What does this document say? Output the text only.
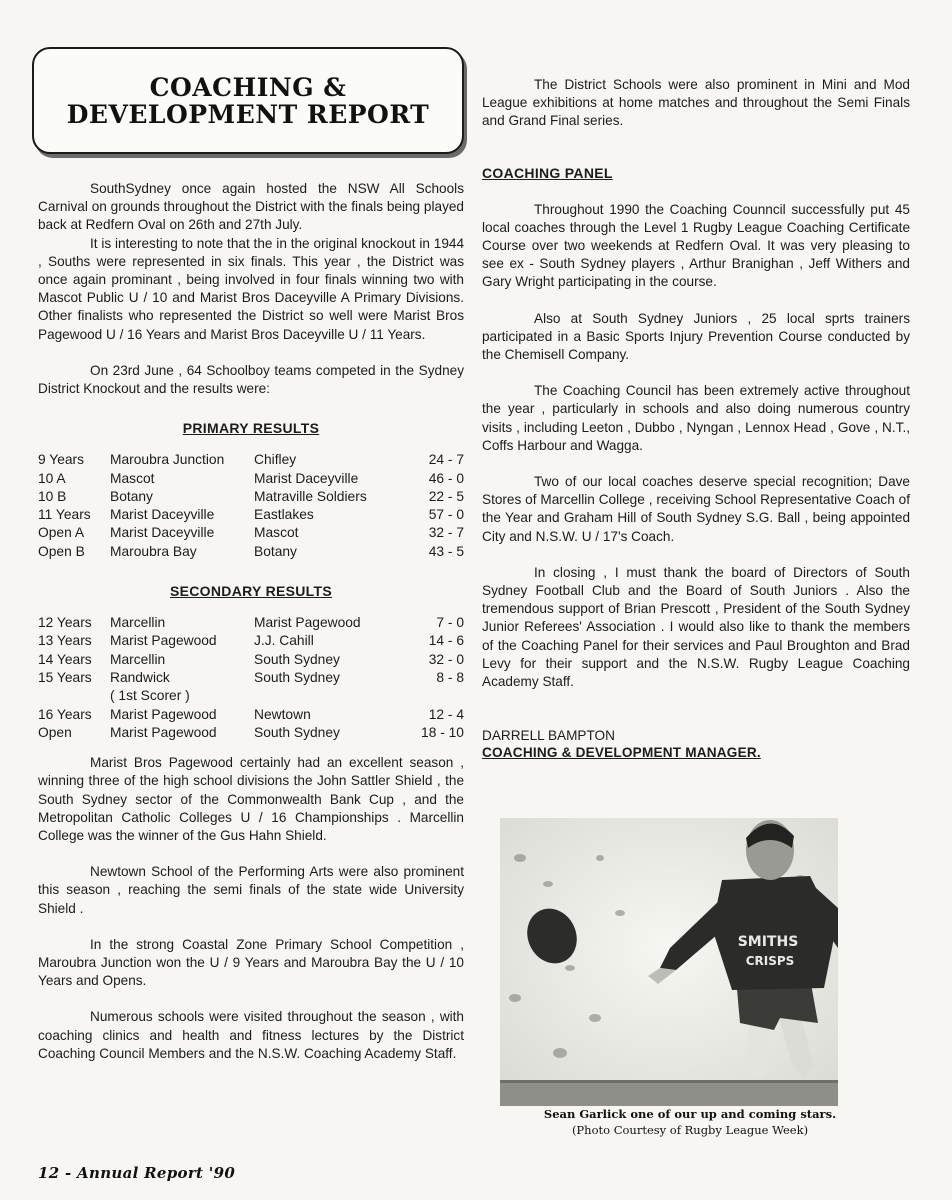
COACHING &
DEVELOPMENT REPORT

SouthSydney once again hosted the NSW All Schools Carnival on grounds throughout the District with the finals being played back at Redfern Oval on 26th and 27th July.

It is interesting to note that the in the original knockout in 1944 , Souths were represented in six finals. This year , the District was once again prominant , being involved in four finals winning two with Mascot Public U / 10 and Marist Bros Daceyville A Primary Divisions. Other finalists who represented the District so well were Marist Bros Pagewood U / 16 Years and Marist Bros Daceyville U / 11 Years.

On 23rd June , 64 Schoolboy teams competed in the Sydney District Knockout and the results were:

PRIMARY RESULTS
9 Years	Maroubra Junction	Chifley	24 - 7
10 A	Mascot	Marist Daceyville	46 - 0
10 B	Botany	Matraville Soldiers	22 - 5
11 Years	Marist Daceyville	Eastlakes	57 - 0
Open A	Marist Daceyville	Mascot	32 - 7
Open B	Maroubra Bay	Botany	43 - 5
SECONDARY RESULTS
12 Years	Marcellin	Marist Pagewood	7 - 0
13 Years	Marist Pagewood	J.J. Cahill	14 - 6
14 Years	Marcellin	South Sydney	32 - 0
15 Years	Randwick	South Sydney	8 - 8
	( 1st Scorer )		
16 Years	Marist Pagewood	Newtown	12 - 4
Open	Marist Pagewood	South Sydney	18 - 10

Marist Bros Pagewood certainly had an excellent season , winning three of the high school divisions the John Sattler Shield , the South Sydney sector of the Commonwealth Bank Cup , and the Metropolitan Catholic Colleges U / 16 Championships . Marcellin College was the winner of the Gus Hahn Shield.

Newtown School of the Performing Arts were also prominent this season , reaching the semi finals of the state wide University Shield .

In the strong Coastal Zone Primary School Competition , Maroubra Junction won the U / 9 Years and Maroubra Bay the U / 10 Years and Opens.

Numerous schools were visited throughout the season , with coaching clinics and health and fitness lectures by the District Coaching Council Members and the N.S.W. Coaching Academy Staff.

The District Schools were also prominent in Mini and Mod League exhibitions at home matches and throughout the Semi Finals and Grand Final series.

COACHING PANEL

Throughout 1990 the Coaching Counncil successfully put 45 local coaches through the Level 1 Rugby League Coaching Certificate Course over two weekends at Redfern Oval. It was very pleasing to see ex - South Sydney players , Arthur Branighan , Jeff Withers and Gary Wright participating in the course.

Also at South Sydney Juniors , 25 local sprts trainers participated in a Basic Sports Injury Prevention Course conducted by the Chemisell Company.

The Coaching Council has been extremely active throughout the year , particularly in schools and also doing numerous country visits , including Leeton , Dubbo , Nyngan , Lennox Head , Gove , N.T., Coffs Harbour and Wagga.

Two of our local coaches deserve special recognition; Dave Stores of Marcellin College , receiving School Representative Coach of the Year and Graham Hill of South Sydney S.G. Ball , being appointed City and N.S.W. U / 17's Coach.

In closing , I must thank the board of Directors of South Sydney Football Club and the Board of South Juniors . Also the tremendous support of Brian Prescott , President of the South Sydney Junior Referees' Association . I would also like to thank the members of the Coaching Panel for their services and Paul Broughton and Brad Levy for their support and the N.S.W. Rugby League Coaching Academy Staff.

DARRELL BAMPTON
COACHING & DEVELOPMENT MANAGER.
SMITHS
CRISPS
Sean Garlick one of our up and coming stars.
(Photo Courtesy of Rugby League Week)
12 - Annual Report '90
